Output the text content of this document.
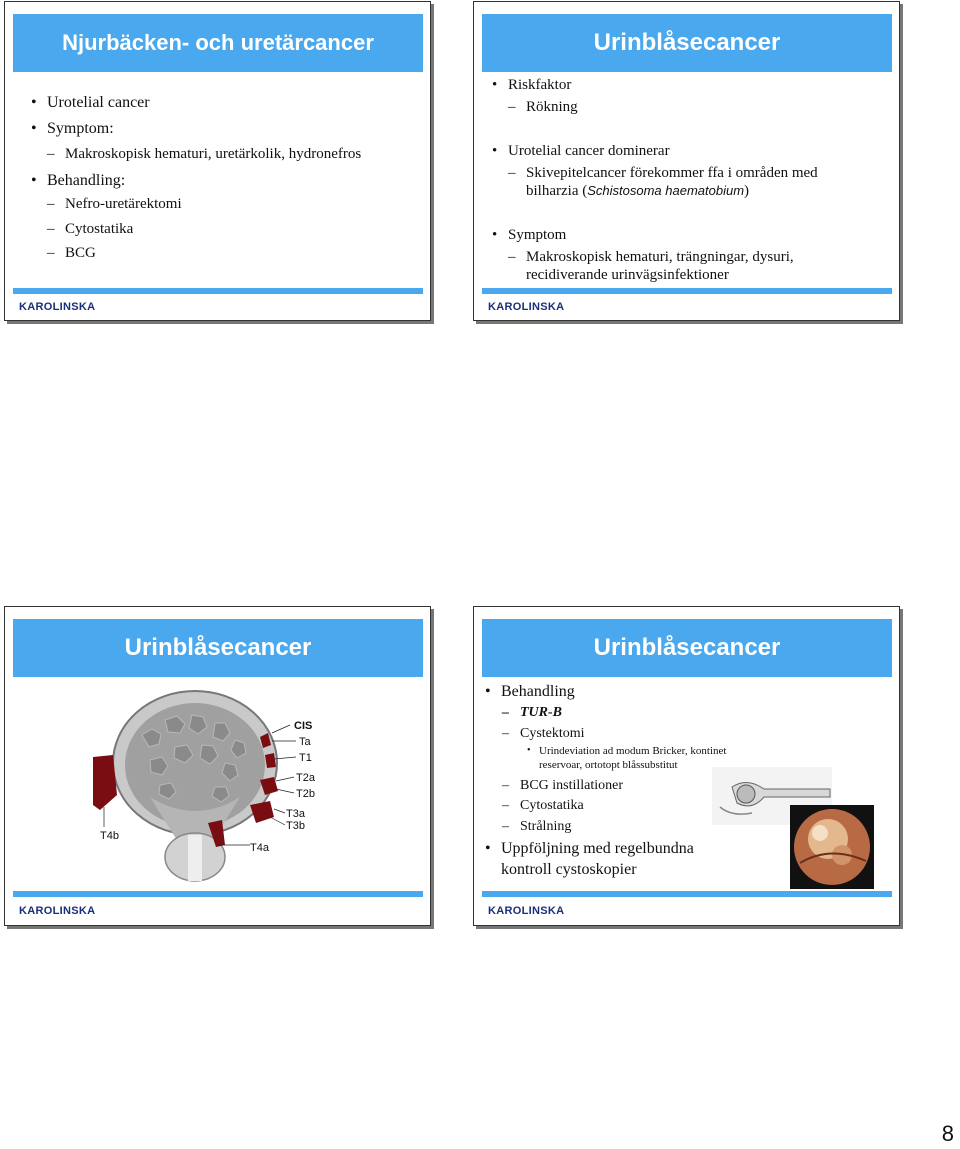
Njurbäcken- och uretärcancer
• Urotelial cancer
• Symptom:
– Makroskopisk hematuri, uretärkolik, hydronefros
• Behandling:
– Nefro-uretärektomi
– Cytostatika
– BCG
KAROLINSKA
Urinblåsecancer
• Riskfaktor
– Rökning
• Urotelial cancer dominerar
– Skivepitelcancer förekommer ffa i områden med
bilharzia (Schistosoma haematobium)
• Symptom
– Makroskopisk hematuri, trängningar, dysuri,
recidiverande urinvägsinfektioner
KAROLINSKA
Urinblåsecancer
CIS
Ta
T1
T2a
T2b
T3a
T3b
T4b
T4a
KAROLINSKA
Urinblåsecancer
• Behandling
– TUR-B
– Cystektomi
• Urindeviation ad modum Bricker, kontinet
reservoar, ortotopt blåssubstitut
– BCG instillationer
– Cytostatika
– Strålning
• Uppföljning med regelbundna
kontroll cystoskopier
KAROLINSKA
8
